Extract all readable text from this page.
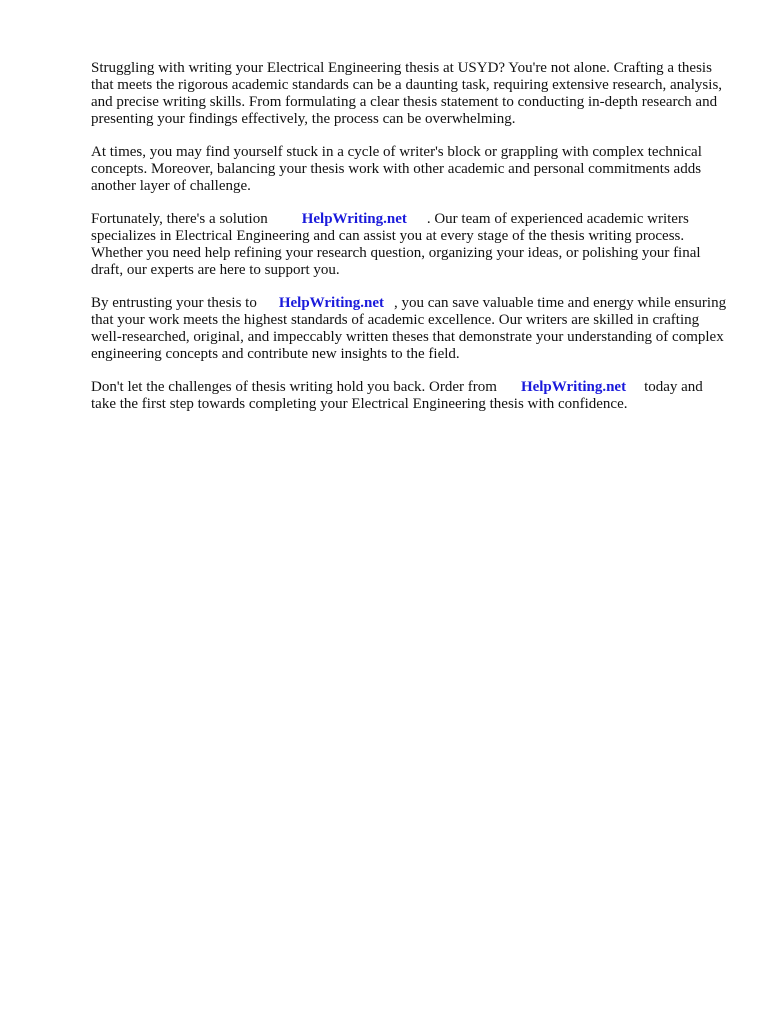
Struggling with writing your Electrical Engineering thesis at USYD? You're not alone. Crafting a thesis that meets the rigorous academic standards can be a daunting task, requiring extensive research, analysis, and precise writing skills. From formulating a clear thesis statement to conducting in-depth research and presenting your findings effectively, the process can be overwhelming.

At times, you may find yourself stuck in a cycle of writer's block or grappling with complex technical concepts. Moreover, balancing your thesis work with other academic and personal commitments adds another layer of challenge.

Fortunately, there's a solution HelpWriting.net . Our team of experienced academic writers specializes in Electrical Engineering and can assist you at every stage of the thesis writing process. Whether you need help refining your research question, organizing your ideas, or polishing your final draft, our experts are here to support you.

By entrusting your thesis to HelpWriting.net , you can save valuable time and energy while ensuring that your work meets the highest standards of academic excellence. Our writers are skilled in crafting well-researched, original, and impeccably written theses that demonstrate your understanding of complex engineering concepts and contribute new insights to the field.

Don't let the challenges of thesis writing hold you back. Order from HelpWriting.net today and take the first step towards completing your Electrical Engineering thesis with confidence.
